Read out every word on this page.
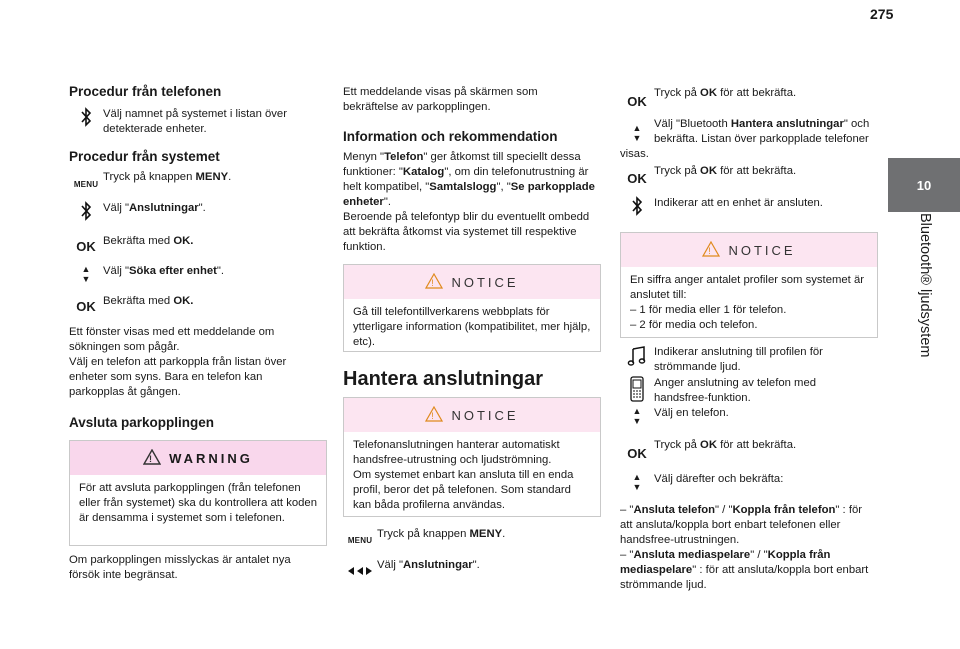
275
10
Bluetooth® ljudsystem
Procedur från telefonen
Välj namnet på systemet i listan över detekterade enheter.
Procedur från systemet
MENU
Tryck på knappen MENY.
Välj "Anslutningar".
OK Bekräfta med OK.
▲
▼
Välj "Söka efter enhet".
OK Bekräfta med OK.
Ett fönster visas med ett meddelande om sökningen som pågår.
Välj en telefon att parkoppla från listan över enheter som syns. Bara en telefon kan parkopplas åt gången.
Avsluta parkopplingen
! WARNING
För att avsluta parkopplingen (från telefonen eller från systemet) ska du kontrollera att koden är densamma i systemet som i telefonen.
Om parkopplingen misslyckas är antalet nya försök inte begränsat.
Ett meddelande visas på skärmen som bekräftelse av parkopplingen.
Information och rekommendation
Menyn "Telefon" ger åtkomst till speciellt dessa funktioner: "Katalog", om din telefonutrustning är helt kompatibel, "Samtalslogg", "Se parkopplade enheter".
Beroende på telefontyp blir du eventuellt ombedd att bekräfta åtkomst via systemet till respektive funktion.
! NOTICE
Gå till telefontillverkarens webbplats för ytterligare information (kompatibilitet, mer hjälp, etc).
Hantera anslutningar
! NOTICE
Telefonanslutningen hanterar automatiskt handsfree-utrustning och ljudströmning.
Om systemet enbart kan ansluta till en enda profil, beror det på telefonen. Som standard kan båda profilerna användas.
MENU
Tryck på knappen MENY.
Välj "Anslutningar".
OK
Tryck på OK för att bekräfta.
▲
▼
Välj "Bluetooth Hantera anslutningar" och bekräfta. Listan över parkopplade telefoner visas.
OK Tryck på OK för att bekräfta.
Indikerar att en enhet är ansluten.
! NOTICE
En siffra anger antalet profiler som systemet är anslutet till:
– 1 för media eller 1 för telefon.
– 2 för media och telefon.
Indikerar anslutning till profilen för strömmande ljud.
Anger anslutning av telefon med handsfree-funktion.
▲
▼
Välj en telefon.
OK
Tryck på OK för att bekräfta.
▲
▼
Välj därefter och bekräfta:
– "Ansluta telefon" / "Koppla från telefon" : för att ansluta/koppla bort enbart telefonen eller handsfree-utrustningen.
– "Ansluta mediaspelare" / "Koppla från mediaspelare" : för att ansluta/koppla bort enbart strömmande ljud.
